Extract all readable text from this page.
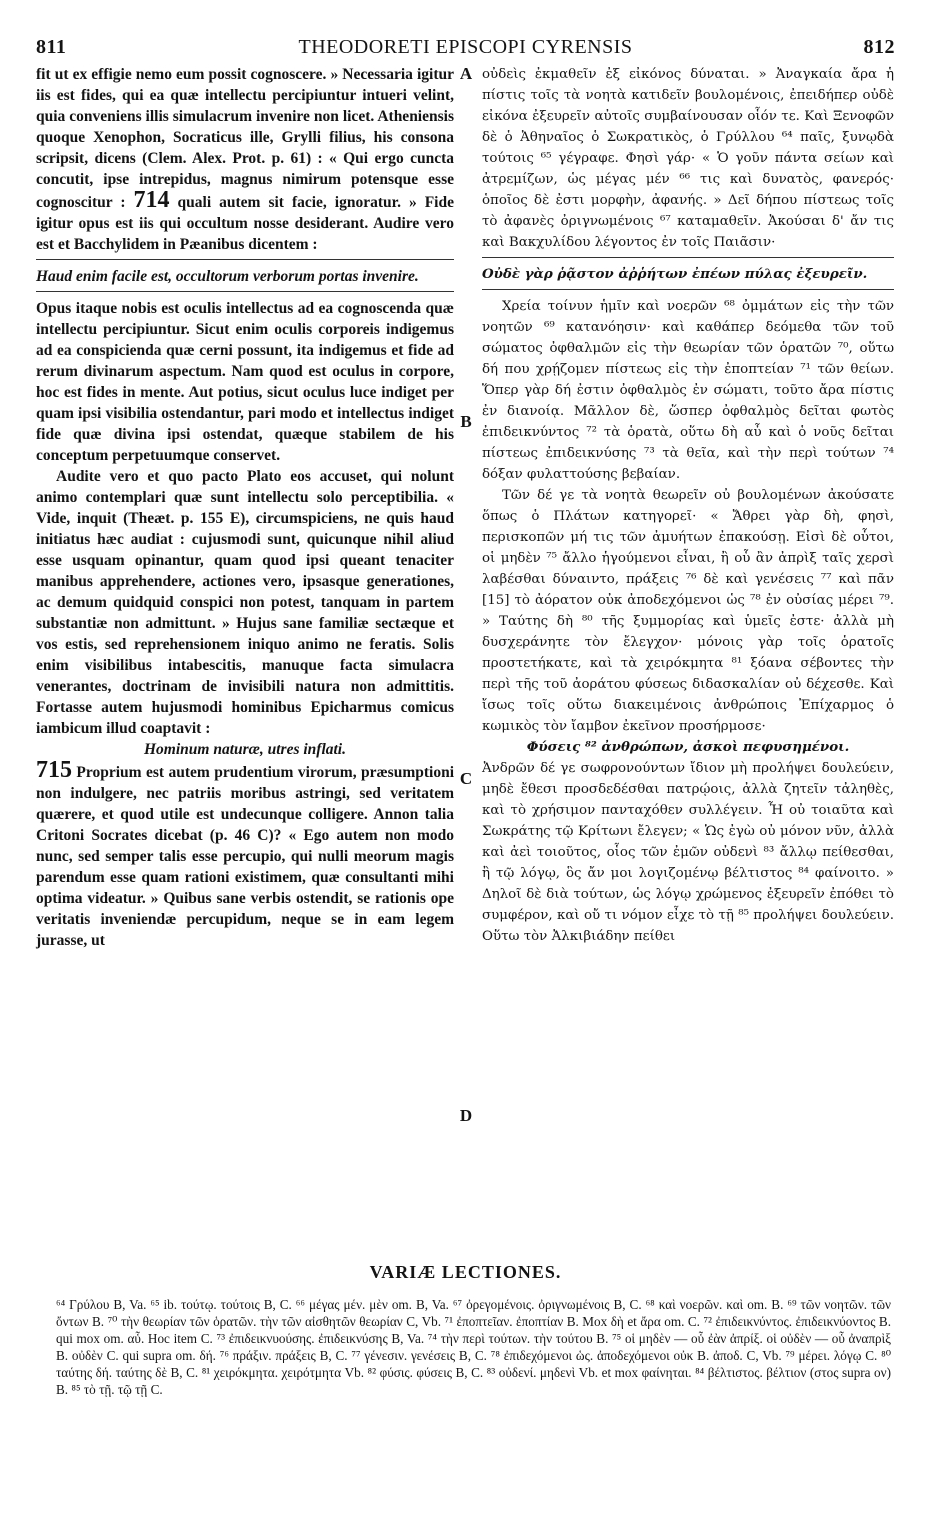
811	THEODORETI EPISCOPI CYRENSIS	812
A
B
C
D

fit ut ex effigie nemo eum possit cognoscere. » Necessaria igitur iis est fides, qui ea quæ intellectu percipiuntur intueri velint, quia conveniens illis simulacrum invenire non licet. Atheniensis quoque Xenophon, Socraticus ille, Grylli filius, his consona scripsit, dicens (Clem. Alex. Prot. p. 61) : « Qui ergo cuncta concutit, ipse intrepidus, magnus nimirum potensque esse cognoscitur : 714 quali autem sit facie, ignoratur. » Fide igitur opus est iis qui occultum nosse desiderant. Audire vero est et Bacchylidem in Pæanibus dicentem :

Haud enim facile est, occultorum verborum portas invenire.

Opus itaque nobis est oculis intellectus ad ea cognoscenda quæ intellectu percipiuntur. Sicut enim oculis corporeis indigemus ad ea conspicienda quæ cerni possunt, ita indigemus et fide ad rerum divinarum aspectum. Nam quod est oculus in corpore, hoc est fides in mente. Aut potius, sicut oculus luce indiget per quam ipsi visibilia ostendantur, pari modo et intellectus indiget fide quæ divina ipsi ostendat, quæque stabilem de his conceptum perpetuumque conservet.

Audite vero et quo pacto Plato eos accuset, qui nolunt animo contemplari quæ sunt intellectu solo perceptibilia. « Vide, inquit (Theæt. p. 155 E), circumspiciens, ne quis haud initiatus hæc audiat : cujusmodi sunt, quicunque nihil aliud esse usquam opinantur, quam quod ipsi queant tenaciter manibus apprehendere, actiones vero, ipsasque generationes, ac demum quidquid conspici non potest, tanquam in partem substantiæ non admittunt. » Hujus sane familiæ sectæque et vos estis, sed reprehensionem iniquo animo ne feratis. Solis enim visibilibus intabescitis, manuque facta simulacra venerantes, doctrinam de invisibili natura non admittitis. Fortasse autem hujusmodi hominibus Epicharmus comicus iambicum illud coaptavit :

Hominum naturæ, utres inflati.

715 Proprium est autem prudentium virorum, præsumptioni non indulgere, nec patriis moribus astringi, sed veritatem quærere, et quod utile est undecunque colligere. Annon talia Critoni Socrates dicebat (p. 46 C)? « Ego autem non modo nunc, sed semper talis esse percupio, qui nulli meorum magis parendum esse quam rationi existimem, quæ consultanti mihi optima videatur. » Quibus sane verbis ostendit, se rationis ope veritatis inveniendæ percupidum, neque se in eam legem jurasse, ut

οὐδεὶς ἐκμαθεῖν ἐξ εἰκόνος δύναται. » Ἀναγκαία ἄρα ἡ πίστις τοῖς τὰ νοητὰ κατιδεῖν βουλομένοις, ἐπειδήπερ οὐδὲ εἰκόνα ἐξευρεῖν αὐτοῖς συμβαίνουσαν οἷόν τε. Καὶ Ξενοφῶν δὲ ὁ Ἀθηναῖος ὁ Σωκρατικὸς, ὁ Γρύλλου ⁶⁴ παῖς, ξυνῳδὰ τούτοις ⁶⁵ γέγραφε. Φησὶ γάρ· « Ὁ γοῦν πάντα σείων καὶ ἀτρεμίζων, ὡς μέγας μέν ⁶⁶ τις καὶ δυνατὸς, φανερός· ὁποῖος δὲ ἐστι μορφὴν, ἀφανής. » Δεῖ δήπου πίστεως τοῖς τὸ ἀφανὲς ὀριγνωμένοις ⁶⁷ καταμαθεῖν. Ἀκούσαι δ' ἄν τις καὶ Βακχυλίδου λέγοντος ἐν τοῖς Παιᾶσιν·

Οὐδὲ γὰρ ῥᾷστον ἀῤῥήτων ἐπέων πύλας ἐξευρεῖν.

Χρεία τοίνυν ἡμῖν καὶ νοερῶν ⁶⁸ ὀμμάτων εἰς τὴν τῶν νοητῶν ⁶⁹ κατανόησιν· καὶ καθάπερ δεόμεθα τῶν τοῦ σώματος ὀφθαλμῶν εἰς τὴν θεωρίαν τῶν ὁρατῶν ⁷⁰, οὕτω δή που χρῄζομεν πίστεως εἰς τὴν ἐποπτείαν ⁷¹ τῶν θείων. Ὅπερ γὰρ δή ἐστιν ὀφθαλμὸς ἐν σώματι, τοῦτο ἄρα πίστις ἐν διανοίᾳ. Μᾶλλον δὲ, ὥσπερ ὀφθαλμὸς δεῖται φωτὸς ἐπιδεικνύντος ⁷² τὰ ὁρατὰ, οὕτω δὴ αὖ καὶ ὁ νοῦς δεῖται πίστεως ἐπιδεικνύσης ⁷³ τὰ θεῖα, καὶ τὴν περὶ τούτων ⁷⁴ δόξαν φυλαττούσης βεβαίαν.

Τῶν δέ γε τὰ νοητὰ θεωρεῖν οὐ βουλομένων ἀκούσατε ὅπως ὁ Πλάτων κατηγορεῖ· « Ἄθρει γὰρ δὴ, φησὶ, περισκοπῶν μή τις τῶν ἀμυήτων ἐπακούσῃ. Εἰσὶ δὲ οὗτοι, οἱ μηδὲν ⁷⁵ ἄλλο ἡγούμενοι εἶναι, ἢ οὗ ἂν ἀπρὶξ ταῖς χερσὶ λαβέσθαι δύναιντο, πράξεις ⁷⁶ δὲ καὶ γενέσεις ⁷⁷ καὶ πᾶν [15] τὸ ἀόρατον οὐκ ἀποδεχόμενοι ὡς ⁷⁸ ἐν οὐσίας μέρει ⁷⁹. » Ταύτης δὴ ⁸⁰ τῆς ξυμμορίας καὶ ὑμεῖς ἐστε· ἀλλὰ μὴ δυσχεράνητε τὸν ἔλεγχον· μόνοις γὰρ τοῖς ὁρατοῖς προστετήκατε, καὶ τὰ χειρόκμητα ⁸¹ ξόανα σέβοντες τὴν περὶ τῆς τοῦ ἀοράτου φύσεως διδασκαλίαν οὐ δέχεσθε. Καὶ ἴσως τοῖς οὕτω διακειμένοις ἀνθρώποις Ἐπίχαρμος ὁ κωμικὸς τὸν ἴαμβον ἐκεῖνον προσήρμοσε·

Φύσεις ⁸² ἀνθρώπων, ἀσκοὶ πεφυσημένοι.

Ἀνδρῶν δέ γε σωφρονούντων ἴδιον μὴ προλήψει δουλεύειν, μηδὲ ἔθεσι προσδεδέσθαι πατρῴοις, ἀλλὰ ζητεῖν τἀληθὲς, καὶ τὸ χρήσιμον πανταχόθεν συλλέγειν. Ἦ οὐ τοιαῦτα καὶ Σωκράτης τῷ Κρίτωνι ἔλεγεν; « Ὡς ἐγὼ οὐ μόνον νῦν, ἀλλὰ καὶ ἀεὶ τοιοῦτος, οἷος τῶν ἐμῶν οὐδενὶ ⁸³ ἄλλῳ πείθεσθαι, ἢ τῷ λόγῳ, ὃς ἄν μοι λογιζομένῳ βέλτιστος ⁸⁴ φαίνοιτο. » Δηλοῖ δὲ διὰ τούτων, ὡς λόγῳ χρώμενος ἐξευρεῖν ἐπόθει τὸ συμφέρον, καὶ οὔ τι νόμον εἶχε τὸ τῇ ⁸⁵ προλήψει δουλεύειν. Οὕτω τὸν Ἀλκιβιάδην πείθει

VARIÆ LECTIONES.
⁶⁴ Γρύλου B, Va. ⁶⁵ ib. τούτῳ. τούτοις B, C. ⁶⁶ μέγας μέν. μὲν om. B, Va. ⁶⁷ ὀρεγομένοις. ὀριγνωμένοις B, C. ⁶⁸ καὶ νοερῶν. καὶ om. B. ⁶⁹ τῶν νοητῶν. τῶν ὄντων B. ⁷⁰ τὴν θεωρίαν τῶν ὁρατῶν. τὴν τῶν αἰσθητῶν θεωρίαν C, Vb. ⁷¹ ἐποπτεῖαν. ἐποπτίαν B. Mox δὴ et ἄρα om. C. ⁷² ἐπιδεικνύντος. ἐπιδεικνύοντος B. qui mox om. αὖ. Hoc item C. ⁷³ ἐπιδεικνυούσης. ἐπιδεικνύσης B, Va. ⁷⁴ τὴν περὶ τούτων. τὴν τούτου B. ⁷⁵ οἱ μηδὲν — οὗ ἐὰν ἀπρίξ. οἱ οὐδὲν — οὗ ἀναπρὶξ B. οὐδὲν C. qui supra om. δή. ⁷⁶ πράξιν. πράξεις B, C. ⁷⁷ γένεσιν. γενέσεις B, C. ⁷⁸ ἐπιδεχόμενοι ὡς. ἀποδεχόμενοι οὐκ B. ἀποδ. C, Vb. ⁷⁹ μέρει. λόγῳ C. ⁸⁰ ταύτης δή. ταύτης δὲ B, C. ⁸¹ χειρόκμητα. χειρότμητα Vb. ⁸² φύσις. φύσεις B, C. ⁸³ οὐδενί. μηδενὶ Vb. et mox φαίνηται. ⁸⁴ βέλτιστος. βέλτιον (στος supra ον) B. ⁸⁵ τὸ τῇ. τῷ τῇ C.
